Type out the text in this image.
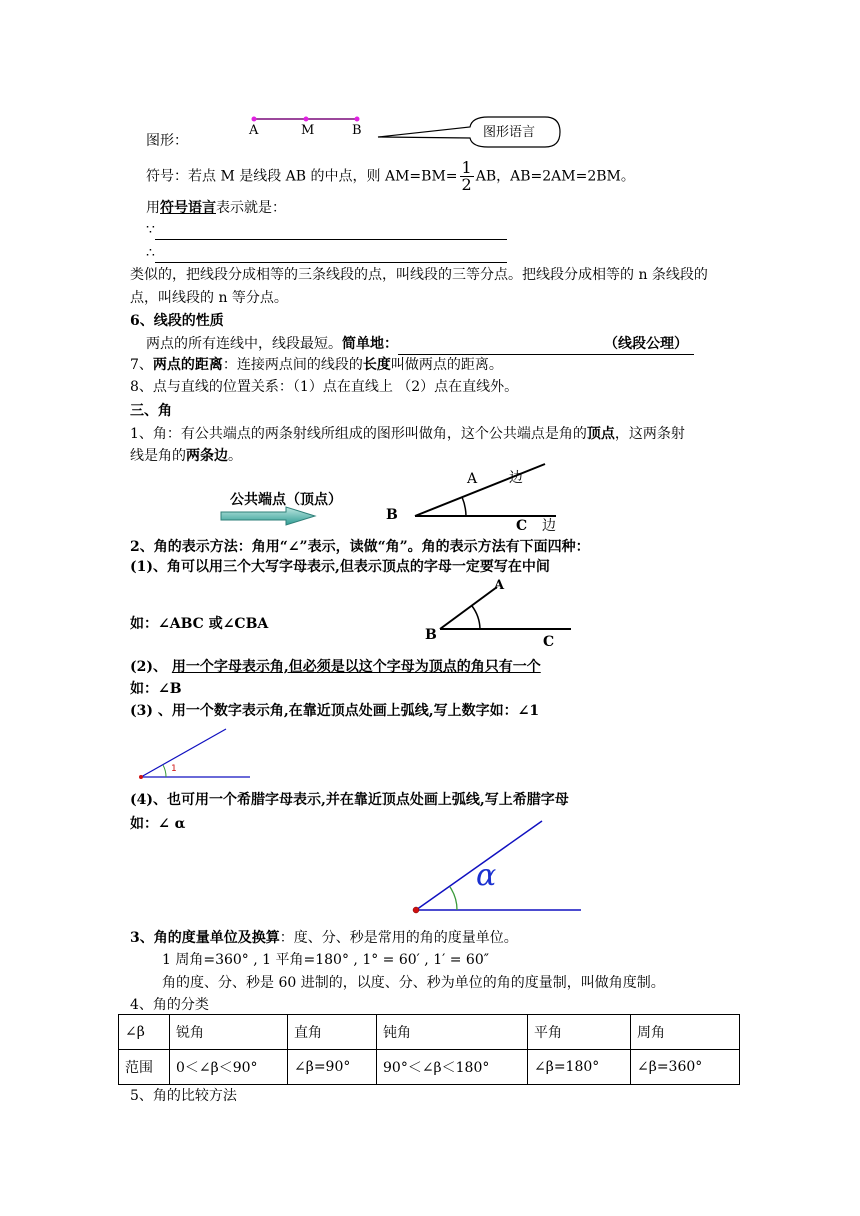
A	M	B	图形语言
图形：
符号：若点 M 是线段 AB 的中点，则 $AM=BM= \frac{1}{2}$ AB，AB=2AM=2BM。
用符号语言表示就是：
∵
∴
类似的，把线段分成相等的三条线段的点，叫线段的三等分点。把线段分成相等的 n 条线段的
点，叫线段的 n 等分点。
6、线段的性质
两点的所有连线中，线段最短。简单地：	（线段公理）
7、两点的距离：连接两点间的线段的长度叫做两点的距离。
8、点与直线的位置关系：（1）点在直线上 （2）点在直线外。
三、角
1、角：有公共端点的两条射线所组成的图形叫做角，这个公共端点是角的顶点，这两条射
线是角的两条边。
公共端点（顶点）
A 边
B
C 边
2、角的表示方法：角用“∠”表示，读做“角”。角的表示方法有下面四种：
(1)、角可以用三个大写字母表示,但表示顶点的字母一定要写在中间
A
B	C
如：∠ABC 或∠CBA
(2)、 用一个字母表示角,但必须是以这个字母为顶点的角只有一个
如：∠B
(3) 、用一个数字表示角,在靠近顶点处画上弧线,写上数字如：∠1
1
(4)、也可用一个希腊字母表示,并在靠近顶点处画上弧线,写上希腊字母
如：∠ α
α
3、角的度量单位及换算：度、分、秒是常用的角的度量单位。
1 周角=360° , 1 平角=180° , 1° = 60′ , 1′ = 60″
角的度、分、秒是 60 进制的，以度、分、秒为单位的角的度量制，叫做角度制。
4、角的分类
∠β	锐角	直角	钝角	平角	周角
范围	0＜∠β＜90°	∠β=90°	90°＜∠β＜180°	∠β=180°	∠β=360°
5、角的比较方法
